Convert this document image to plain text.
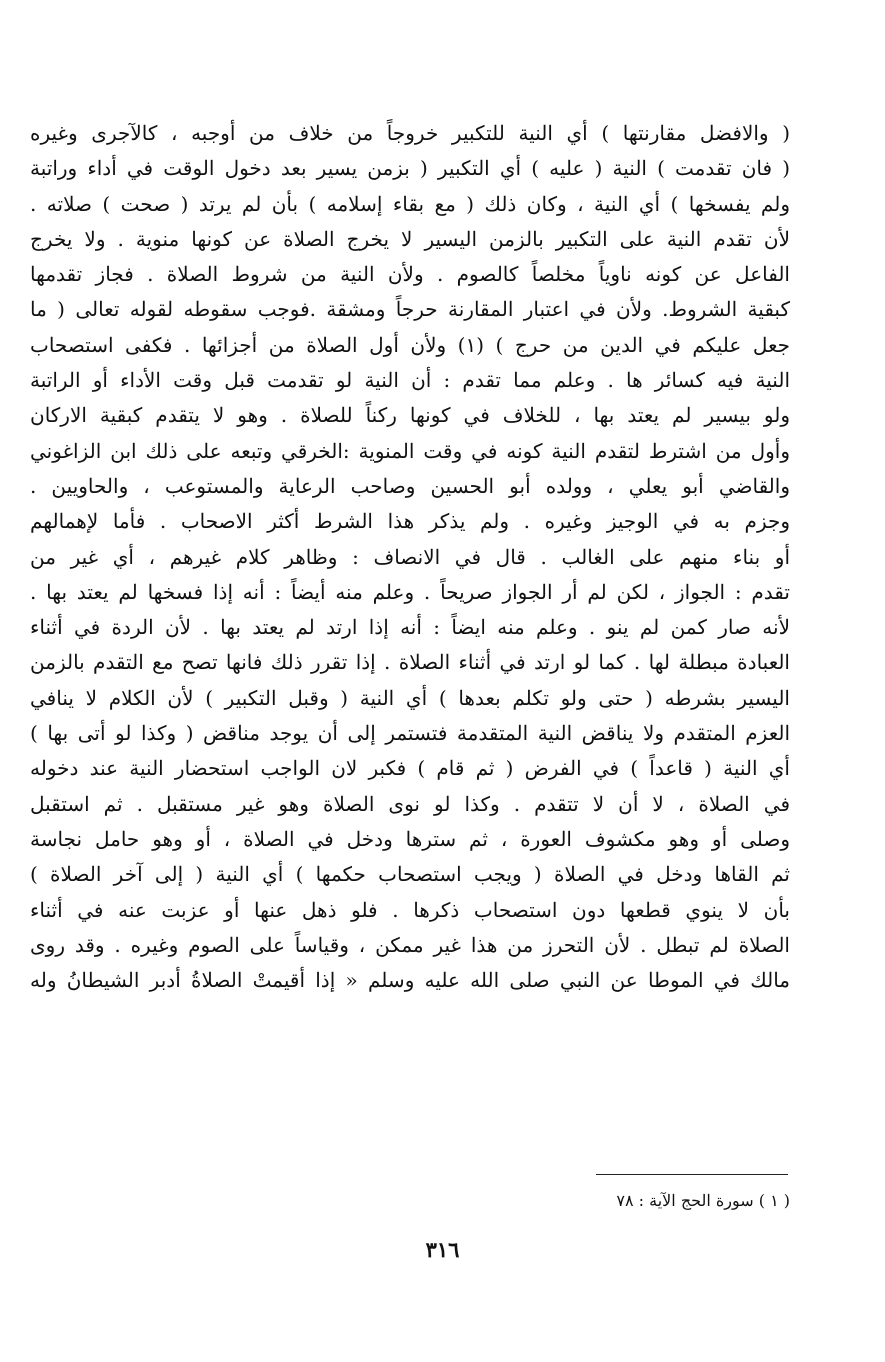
( والافضل مقارنتها ) أي النية للتكبير خروجاً من خلاف من أوجبه ، كالآجرى وغيره
( فان تقدمت ) النية ( عليه ) أي التكبير ( بزمن يسير بعد دخول الوقت في أداء وراتبة
ولم يفسخها ) أي النية ، وكان ذلك ( مع بقاء إسلامه ) بأن لم يرتد ( صحت ) صلاته .
لأن تقدم النية على التكبير بالزمن اليسير لا يخرج الصلاة عن كونها منوية . ولا يخرج
الفاعل عن كونه ناوياً مخلصاً كالصوم . ولأن النية من شروط الصلاة . فجاز تقدمها
كبقية الشروط. ولأن في اعتبار المقارنة حرجاً ومشقة .فوجب سقوطه لقوله تعالى ( ما
جعل عليكم في الدين من حرج ) (١) ولأن أول الصلاة من أجزائها . فكفى استصحاب
النية فيه كسائر ها . وعلم مما تقدم : أن النية لو تقدمت قبل وقت الأداء أو الراتبة
ولو بيسير لم يعتد بها ، للخلاف في كونها ركناً للصلاة . وهو لا يتقدم كبقية الاركان
وأول من اشترط لتقدم النية كونه في وقت المنوية :الخرقي وتبعه على ذلك ابن الزاغوني
والقاضي أبو يعلي ، وولده أبو الحسين وصاحب الرعاية والمستوعب ، والحاويين .
وجزم به في الوجيز وغيره . ولم يذكر هذا الشرط أكثر الاصحاب . فأما لإهمالهم
أو بناء منهم على الغالب . قال في الانصاف : وظاهر كلام غيرهم ، أي غير من
تقدم : الجواز ، لكن لم أر الجواز صريحاً . وعلم منه أيضاً : أنه إذا فسخها لم يعتد بها .
لأنه صار كمن لم ينو . وعلم منه ايضاً : أنه إذا ارتد لم يعتد بها . لأن الردة في أثناء
العبادة مبطلة لها . كما لو ارتد في أثناء الصلاة . إذا تقرر ذلك فانها تصح مع التقدم بالزمن
اليسير بشرطه ( حتى ولو تكلم بعدها ) أي النية ( وقبل التكبير ) لأن الكلام لا ينافي
العزم المتقدم ولا يناقض النية المتقدمة فتستمر إلى أن يوجد مناقض ( وكذا لو أتى بها )
أي النية ( قاعداً ) في الفرض ( ثم قام ) فكبر لان الواجب استحضار النية عند دخوله
في الصلاة ، لا أن لا تتقدم . وكذا لو نوى الصلاة وهو غير مستقبل . ثم استقبل
وصلى أو وهو مكشوف العورة ، ثم سترها ودخل في الصلاة ، أو وهو حامل نجاسة
ثم القاها ودخل في الصلاة ( ويجب استصحاب حكمها ) أي النية ( إلى آخر الصلاة )
بأن لا ينوي قطعها دون استصحاب ذكرها . فلو ذهل عنها أو عزبت عنه في أثناء
الصلاة لم تبطل . لأن التحرز من هذا غير ممكن ، وقياساً على الصوم وغيره . وقد روى
مالك في الموطا عن النبي صلى الله عليه وسلم « إذا أقيمتْ الصلاةُ أدبر الشيطانُ وله
( ١ ) سورة الحج الآية : ٧٨
٣١٦
